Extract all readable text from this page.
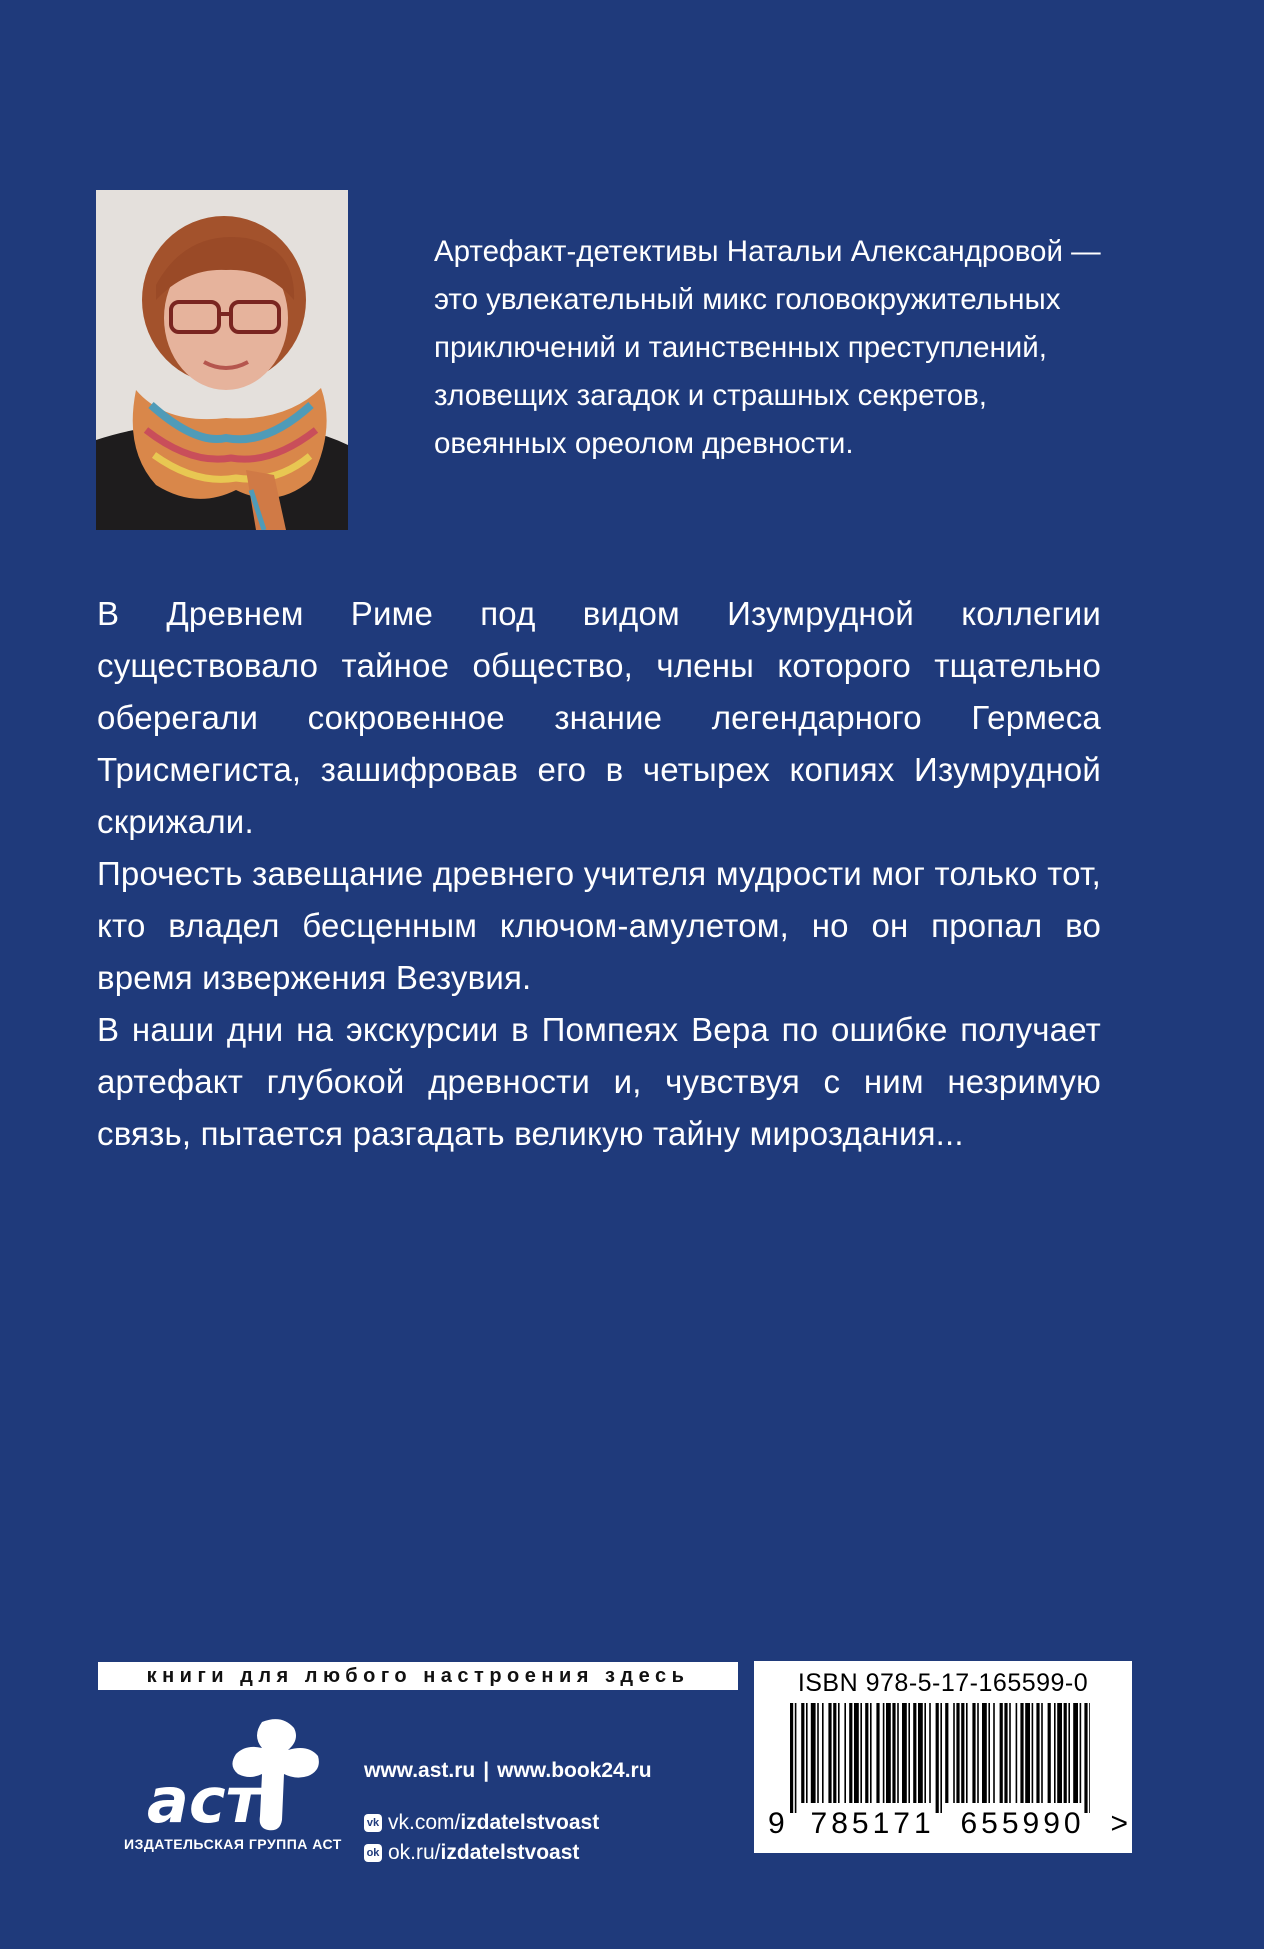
Артефакт-детективы Натальи Александровой —

это увлекательный микс головокружительных

приключений и таинственных преступлений,

зловещих загадок и страшных секретов,

овеянных ореолом древности.

В Древнем Риме под видом Изумрудной коллегии существовало тайное общество, члены которого тщательно оберегали сокровенное знание легендарного Гермеса Трисмегиста, зашифровав его в четырех копиях Изумрудной скрижали.

Прочесть завещание древнего учителя мудрости мог только тот, кто владел бесценным ключом-амулетом, но он пропал во время извержения Везувия.

В наши дни на экскурсии в Помпеях Вера по ошибке получает артефакт глубокой древности и, чувствуя с ним незримую связь, пытается разгадать великую тайну мироздания...

книги для любого настроения здесь
аст
ИЗДАТЕЛЬСКАЯ ГРУППА АСТ
www.ast.ru | www.book24.ru
vk vk.com/ izdatelstvoast
ok ok.ru/ izdatelstvoast
ISBN 978-5-17-165599-0
9 785171 655990 >
